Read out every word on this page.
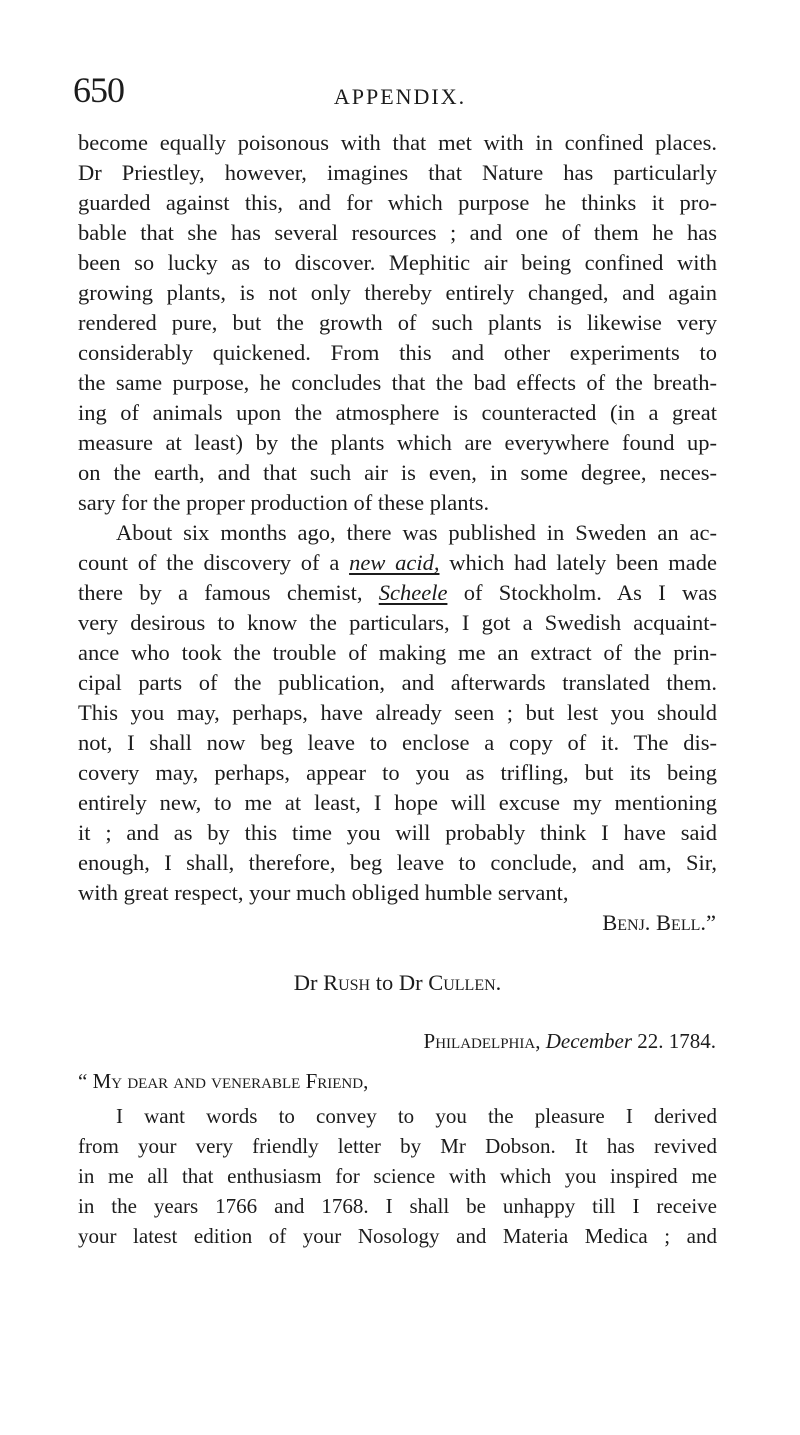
650	APPENDIX.
become equally poisonous with that met with in confined places.
Dr Priestley, however, imagines that Nature has particularly
guarded against this, and for which purpose he thinks it pro-
bable that she has several resources ; and one of them he has
been so lucky as to discover. Mephitic air being confined with
growing plants, is not only thereby entirely changed, and again
rendered pure, but the growth of such plants is likewise very
considerably quickened. From this and other experiments to
the same purpose, he concludes that the bad effects of the breath-
ing of animals upon the atmosphere is counteracted (in a great
measure at least) by the plants which are everywhere found up-
on the earth, and that such air is even, in some degree, neces-
sary for the proper production of these plants.
About six months ago, there was published in Sweden an ac-
count of the discovery of a new acid, which had lately been made
there by a famous chemist, Scheele of Stockholm. As I was
very desirous to know the particulars, I got a Swedish acquaint-
ance who took the trouble of making me an extract of the prin-
cipal parts of the publication, and afterwards translated them.
This you may, perhaps, have already seen ; but lest you should
not, I shall now beg leave to enclose a copy of it. The dis-
covery may, perhaps, appear to you as trifling, but its being
entirely new, to me at least, I hope will excuse my mentioning
it ; and as by this time you will probably think I have said
enough, I shall, therefore, beg leave to conclude, and am, Sir,
with great respect, your much obliged humble servant,
Benj. Bell.”
Dr Rush to Dr Cullen.
Philadelphia, December 22. 1784.
“ My dear and venerable Friend,
I want words to convey to you the pleasure I derived
from your very friendly letter by Mr Dobson. It has revived
in me all that enthusiasm for science with which you inspired me
in the years 1766 and 1768. I shall be unhappy till I receive
your latest edition of your Nosology and Materia Medica ; and
